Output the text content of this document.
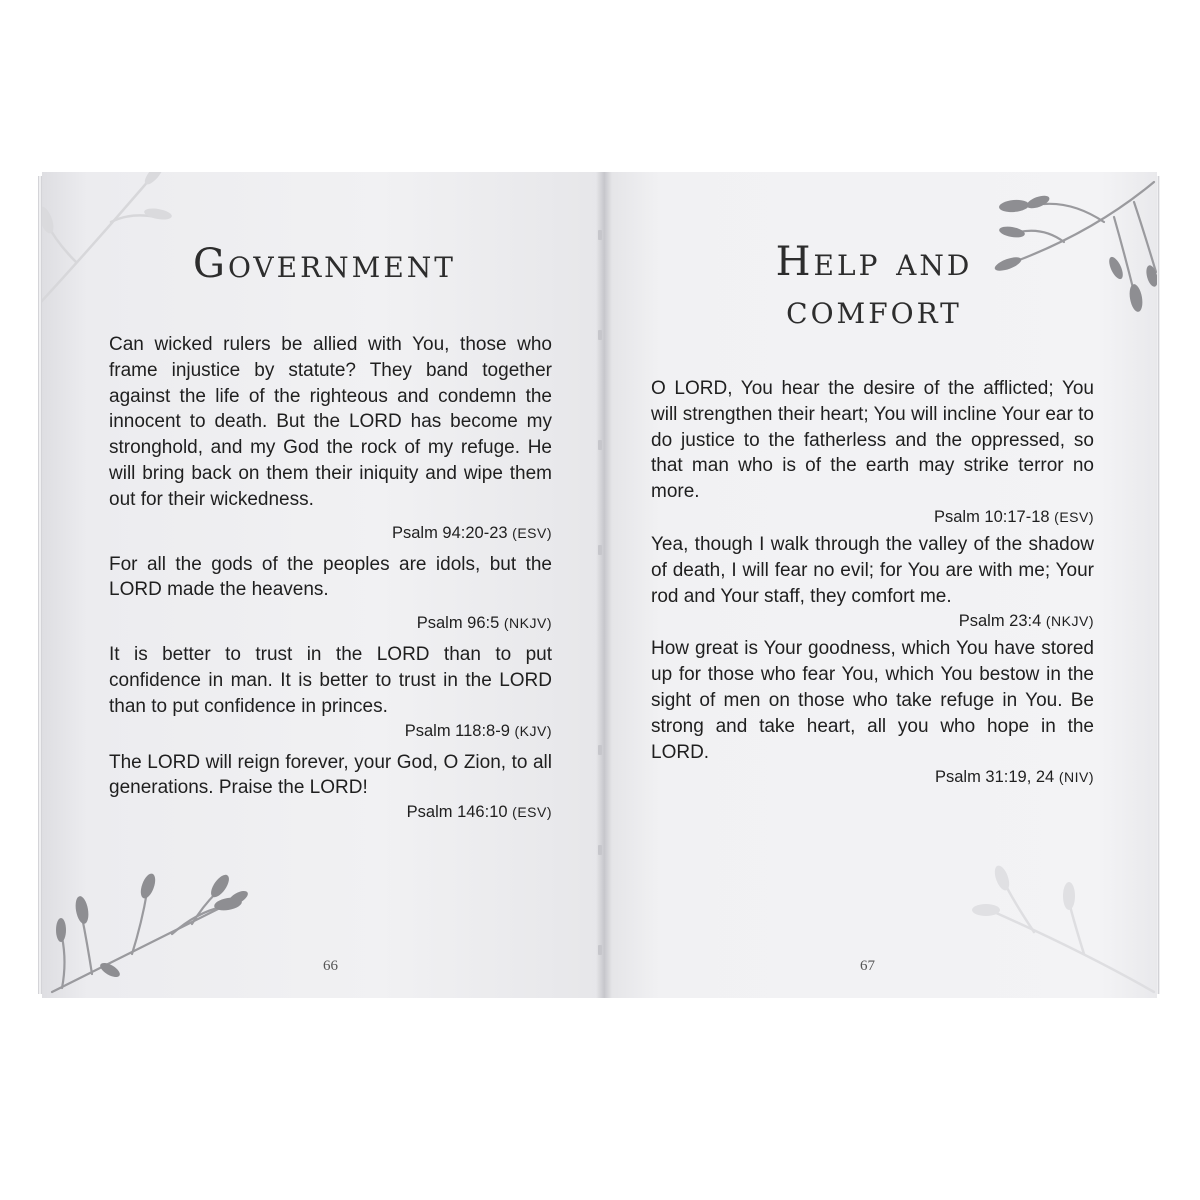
Government

Can wicked rulers be allied with You, those who frame injustice by statute? They band together against the life of the righteous and condemn the innocent to death. But the LORD has become my stronghold, and my God the rock of my refuge. He will bring back on them their iniquity and wipe them out for their wickedness.

Psalm 94:20-23 (ESV)

For all the gods of the peoples are idols, but the LORD made the heavens.

Psalm 96:5 (NKJV)

It is better to trust in the LORD than to put confidence in man. It is better to trust in the LORD than to put confidence in princes.

Psalm 118:8-9 (KJV)

The LORD will reign forever, your God, O Zion, to all generations. Praise the LORD!

Psalm 146:10 (ESV)

66
Help and comfort

O LORD, You hear the desire of the afflicted; You will strengthen their heart; You will incline Your ear to do justice to the fatherless and the oppressed, so that man who is of the earth may strike terror no more.

Psalm 10:17-18 (ESV)

Yea, though I walk through the valley of the shadow of death, I will fear no evil; for You are with me; Your rod and Your staff, they comfort me.

Psalm 23:4 (NKJV)

How great is Your goodness, which You have stored up for those who fear You, which You bestow in the sight of men on those who take refuge in You. Be strong and take heart, all you who hope in the LORD.

Psalm 31:19, 24 (NIV)

67
